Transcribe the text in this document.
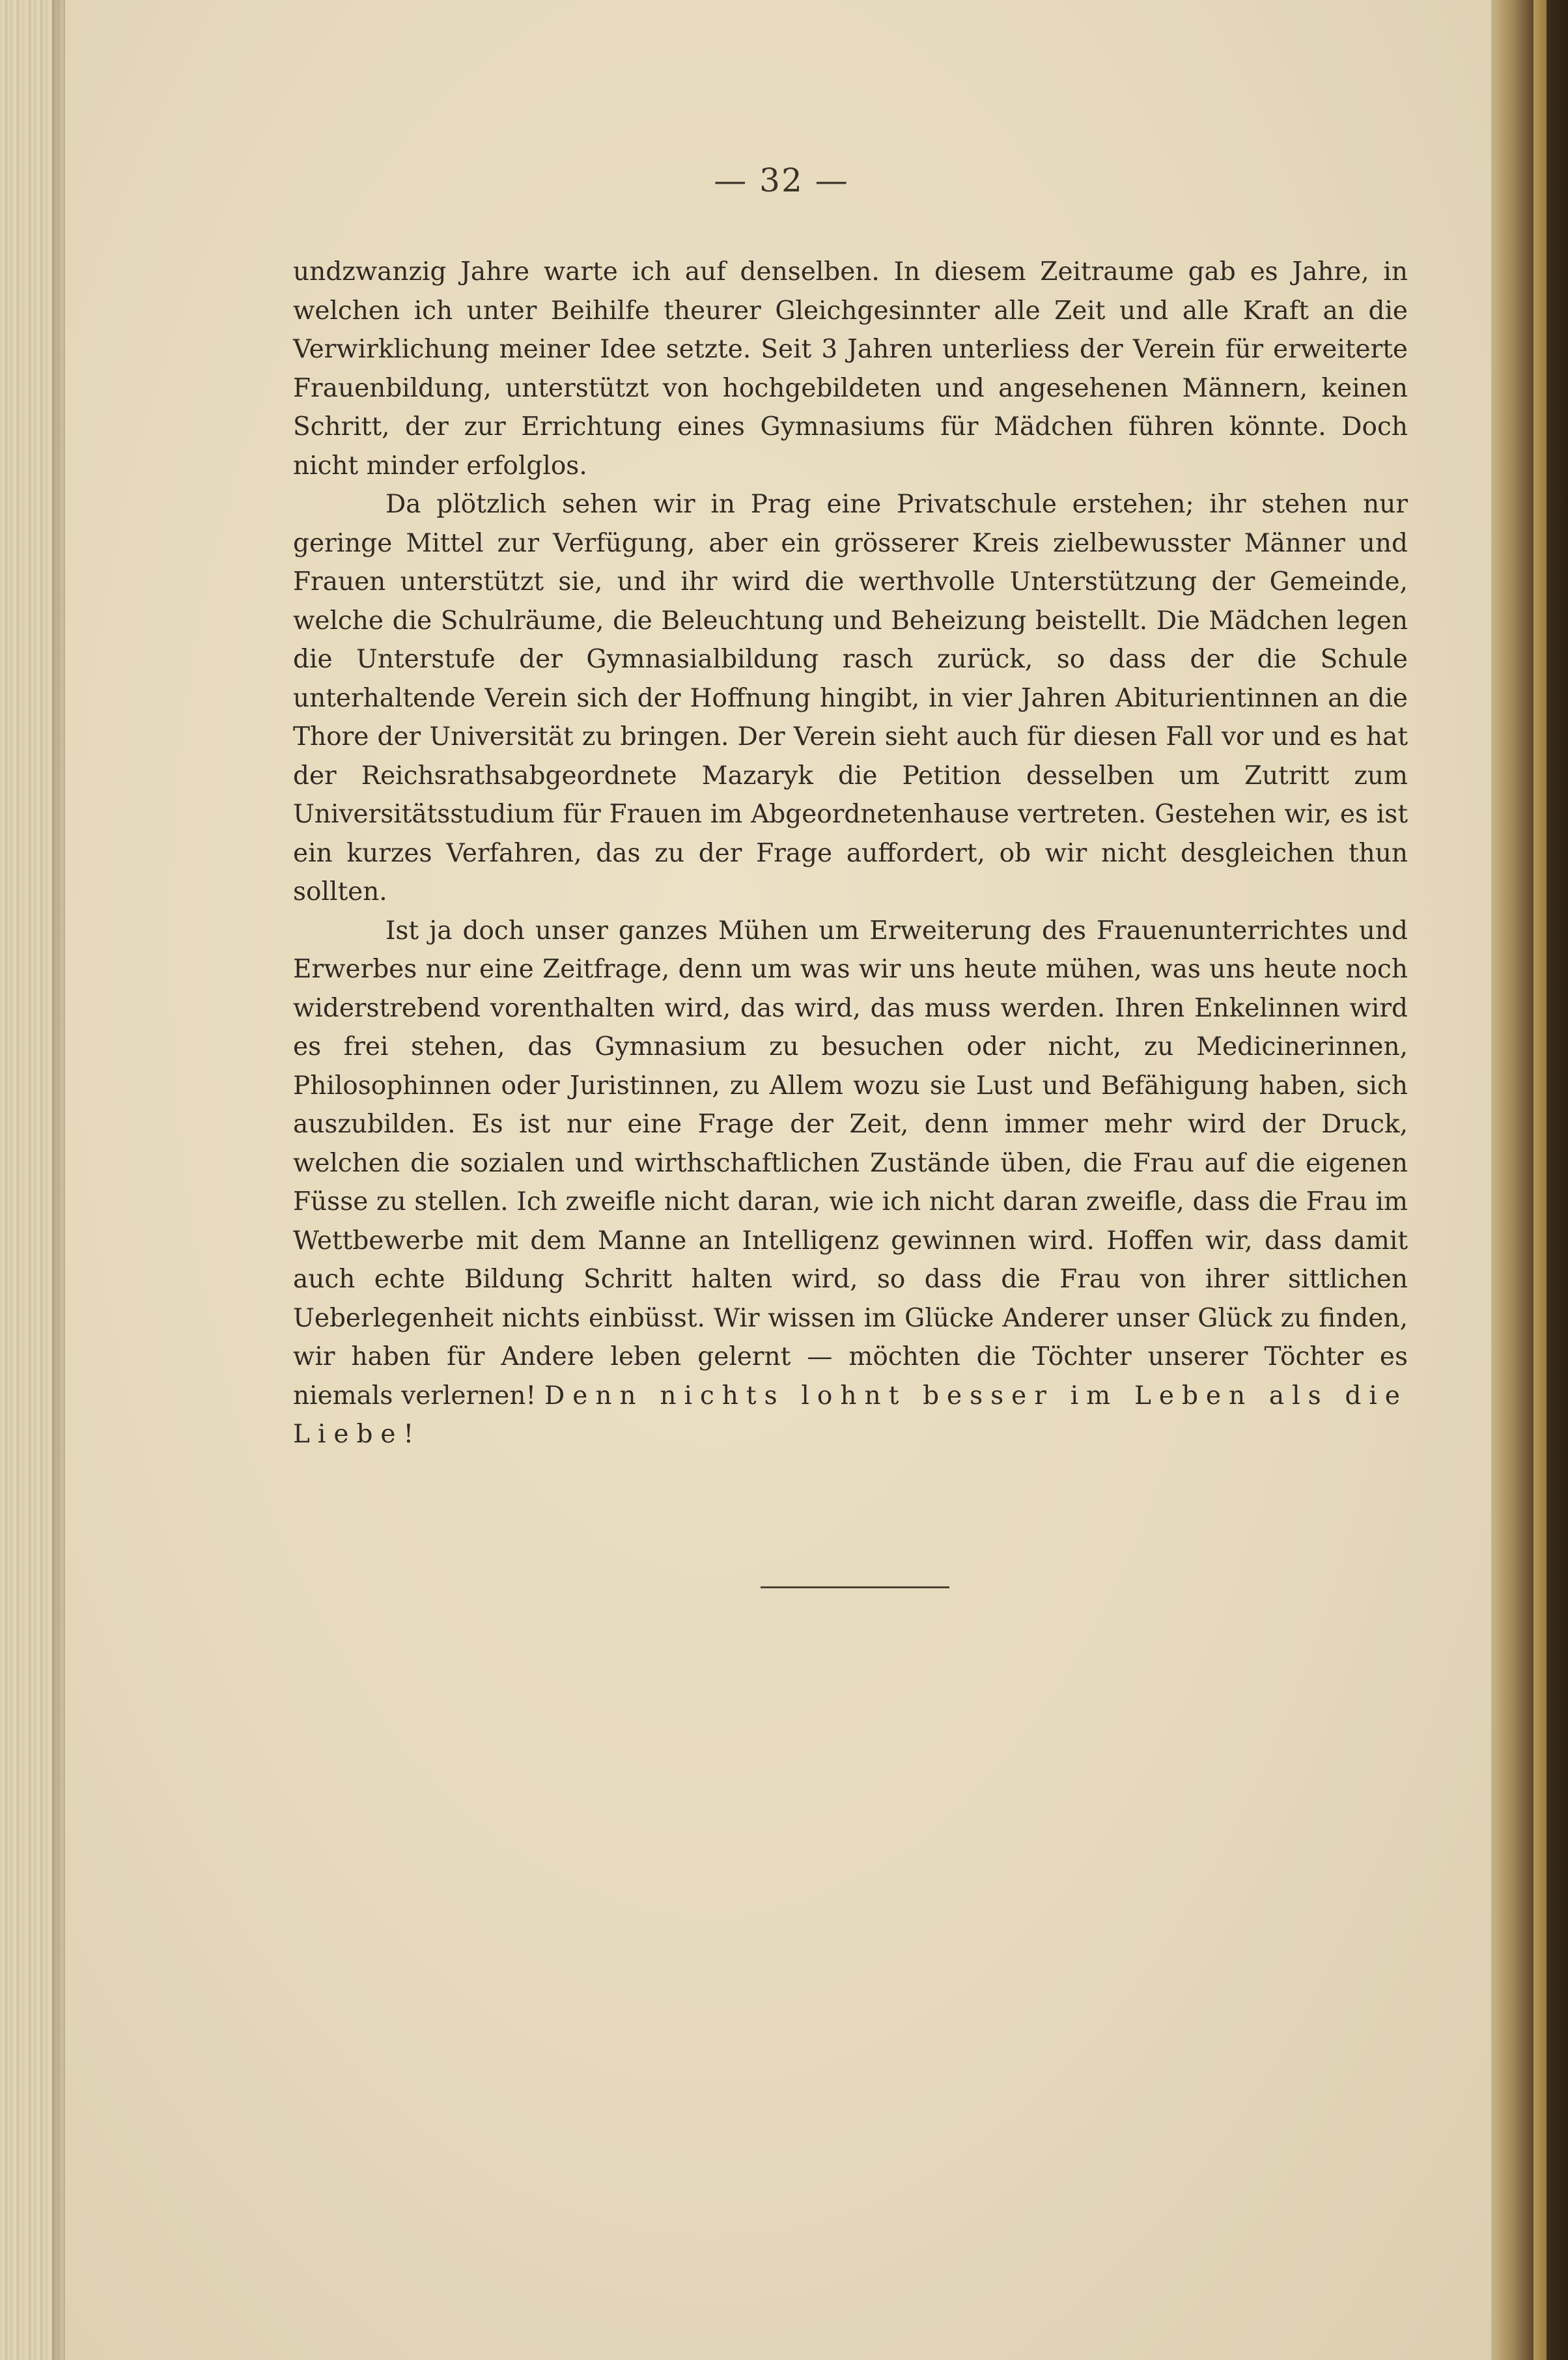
— 32 —

undzwanzig Jahre warte ich auf denselben. In diesem Zeitraume gab es Jahre, in welchen ich unter Beihilfe theurer Gleichgesinnter alle Zeit und alle Kraft an die Verwirklichung meiner Idee setzte. Seit 3 Jahren unterliess der Verein für erweiterte Frauenbildung, unterstützt von hochgebildeten und angesehenen Männern, keinen Schritt, der zur Errichtung eines Gymnasiums für Mädchen führen könnte. Doch nicht minder erfolglos.

Da plötzlich sehen wir in Prag eine Privatschule erstehen; ihr stehen nur geringe Mittel zur Verfügung, aber ein grösserer Kreis zielbewusster Männer und Frauen unterstützt sie, und ihr wird die werthvolle Unterstützung der Gemeinde, welche die Schulräume, die Beleuchtung und Beheizung beistellt. Die Mädchen legen die Unterstufe der Gymnasialbildung rasch zurück, so dass der die Schule unterhaltende Verein sich der Hoffnung hingibt, in vier Jahren Abiturientinnen an die Thore der Universität zu bringen. Der Verein sieht auch für diesen Fall vor und es hat der Reichsrathsabgeordnete Mazaryk die Petition desselben um Zutritt zum Universitätsstudium für Frauen im Abgeordnetenhause vertreten. Gestehen wir, es ist ein kurzes Verfahren, das zu der Frage auffordert, ob wir nicht desgleichen thun sollten.

Ist ja doch unser ganzes Mühen um Erweiterung des Frauenunterrichtes und Erwerbes nur eine Zeitfrage, denn um was wir uns heute mühen, was uns heute noch widerstrebend vorenthalten wird, das wird, das muss werden. Ihren Enkelinnen wird es frei stehen, das Gymnasium zu besuchen oder nicht, zu Medicinerinnen, Philosophinnen oder Juristinnen, zu Allem wozu sie Lust und Befähigung haben, sich auszubilden. Es ist nur eine Frage der Zeit, denn immer mehr wird der Druck, welchen die sozialen und wirthschaftlichen Zustände üben, die Frau auf die eigenen Füsse zu stellen. Ich zweifle nicht daran, wie ich nicht daran zweifle, dass die Frau im Wettbewerbe mit dem Manne an Intelligenz gewinnen wird. Hoffen wir, dass damit auch echte Bildung Schritt halten wird, so dass die Frau von ihrer sittlichen Ueberlegenheit nichts einbüsst. Wir wissen im Glücke Anderer unser Glück zu finden, wir haben für Andere leben gelernt — möchten die Töchter unserer Töchter es niemals verlernen! Denn nichts lohnt besser im Leben als die Liebe!
